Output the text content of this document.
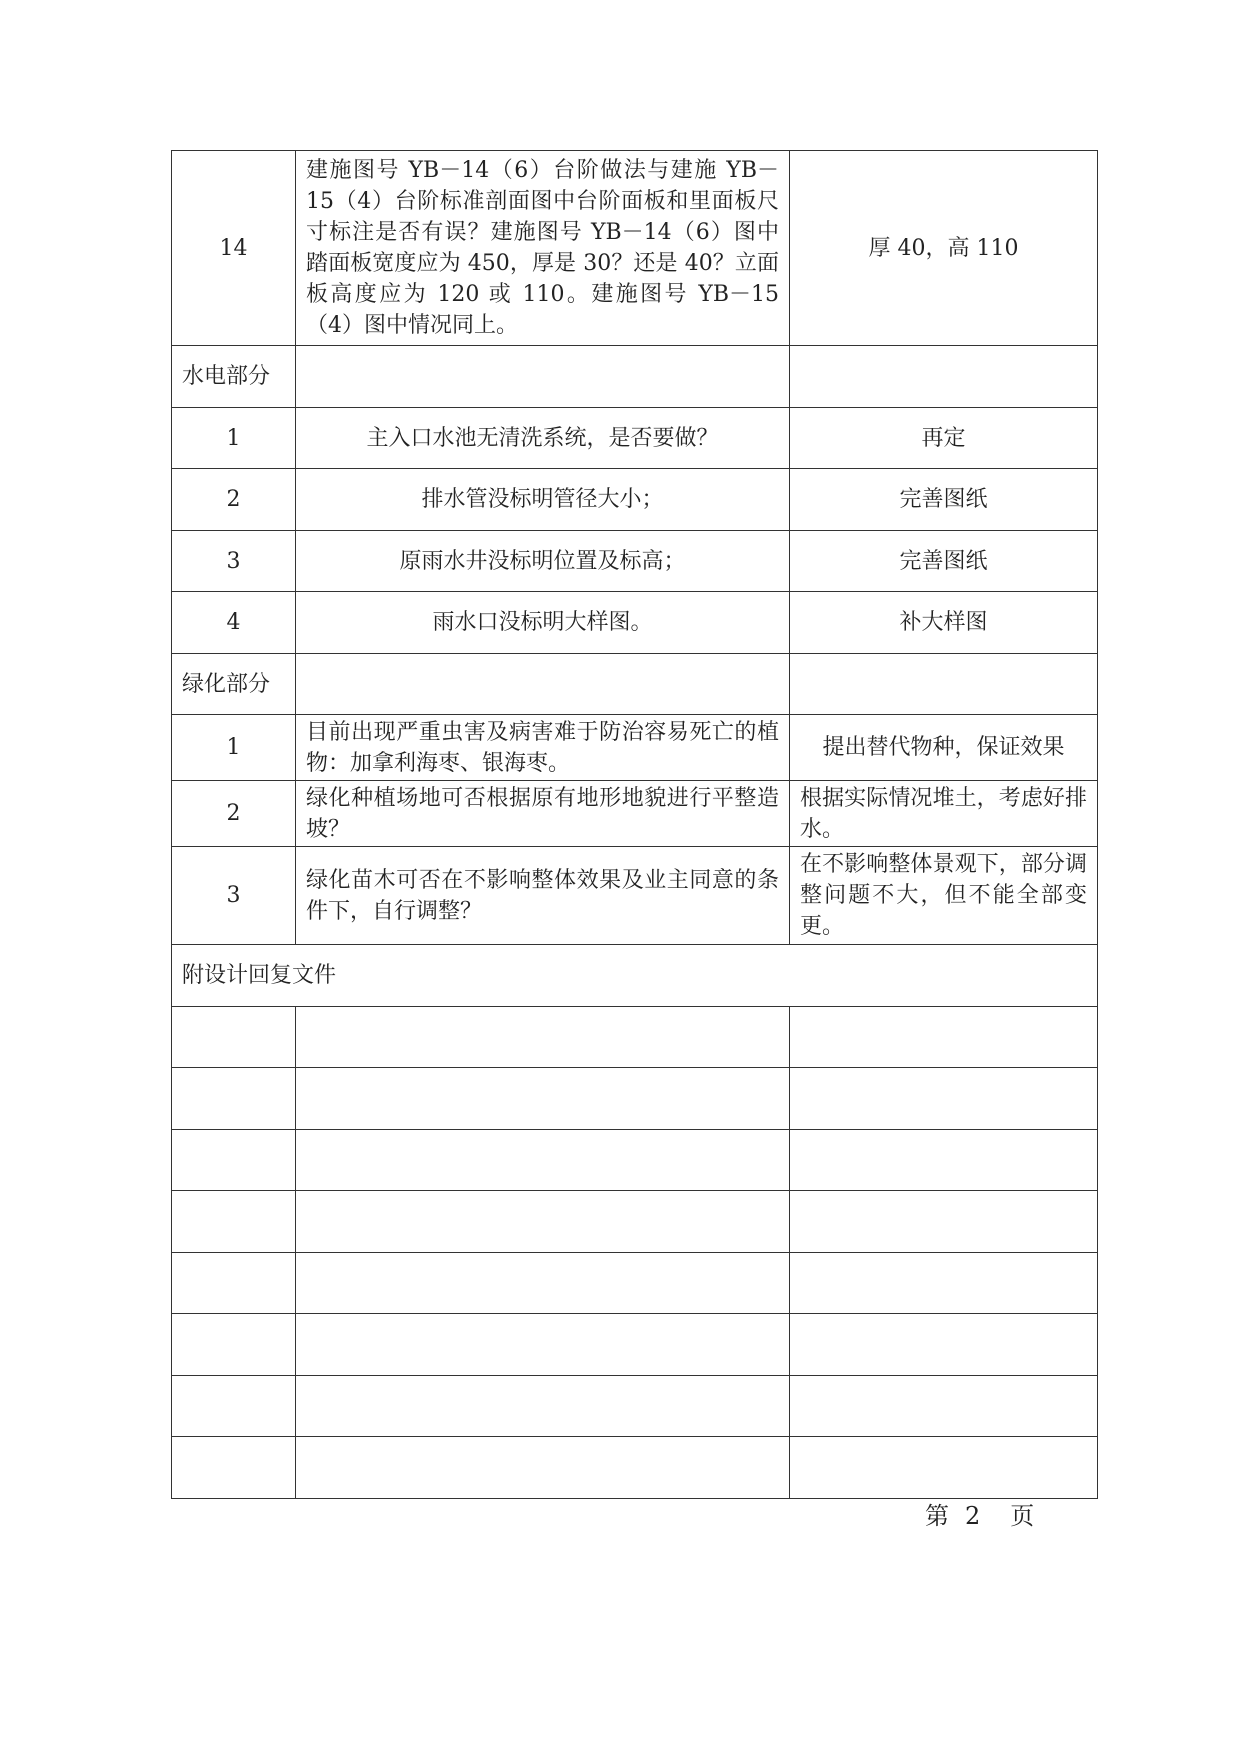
14	建施图号 YB－14（6）台阶做法与建施 YB－15（4）台阶标准剖面图中台阶面板和里面板尺寸标注是否有误？建施图号 YB－14（6）图中踏面板宽度应为 450，厚是 30？还是 40？立面板高度应为 120 或 110。建施图号 YB－15（4）图中情况同上。	厚 40，高 110
水电部分		
1	主入口水池无清洗系统，是否要做？	再定
2	排水管没标明管径大小；	完善图纸
3	原雨水井没标明位置及标高；	完善图纸
4	雨水口没标明大样图。	补大样图
绿化部分		
1	目前出现严重虫害及病害难于防治容易死亡的植物：加拿利海枣、银海枣。	提出替代物种，保证效果
2	绿化种植场地可否根据原有地形地貌进行平整造坡？	根据实际情况堆土，考虑好排水。
3	绿化苗木可否在不影响整体效果及业主同意的条件下，自行调整？	在不影响整体景观下，部分调整问题不大，但不能全部变更。
附设计回复文件		

第 2 页
